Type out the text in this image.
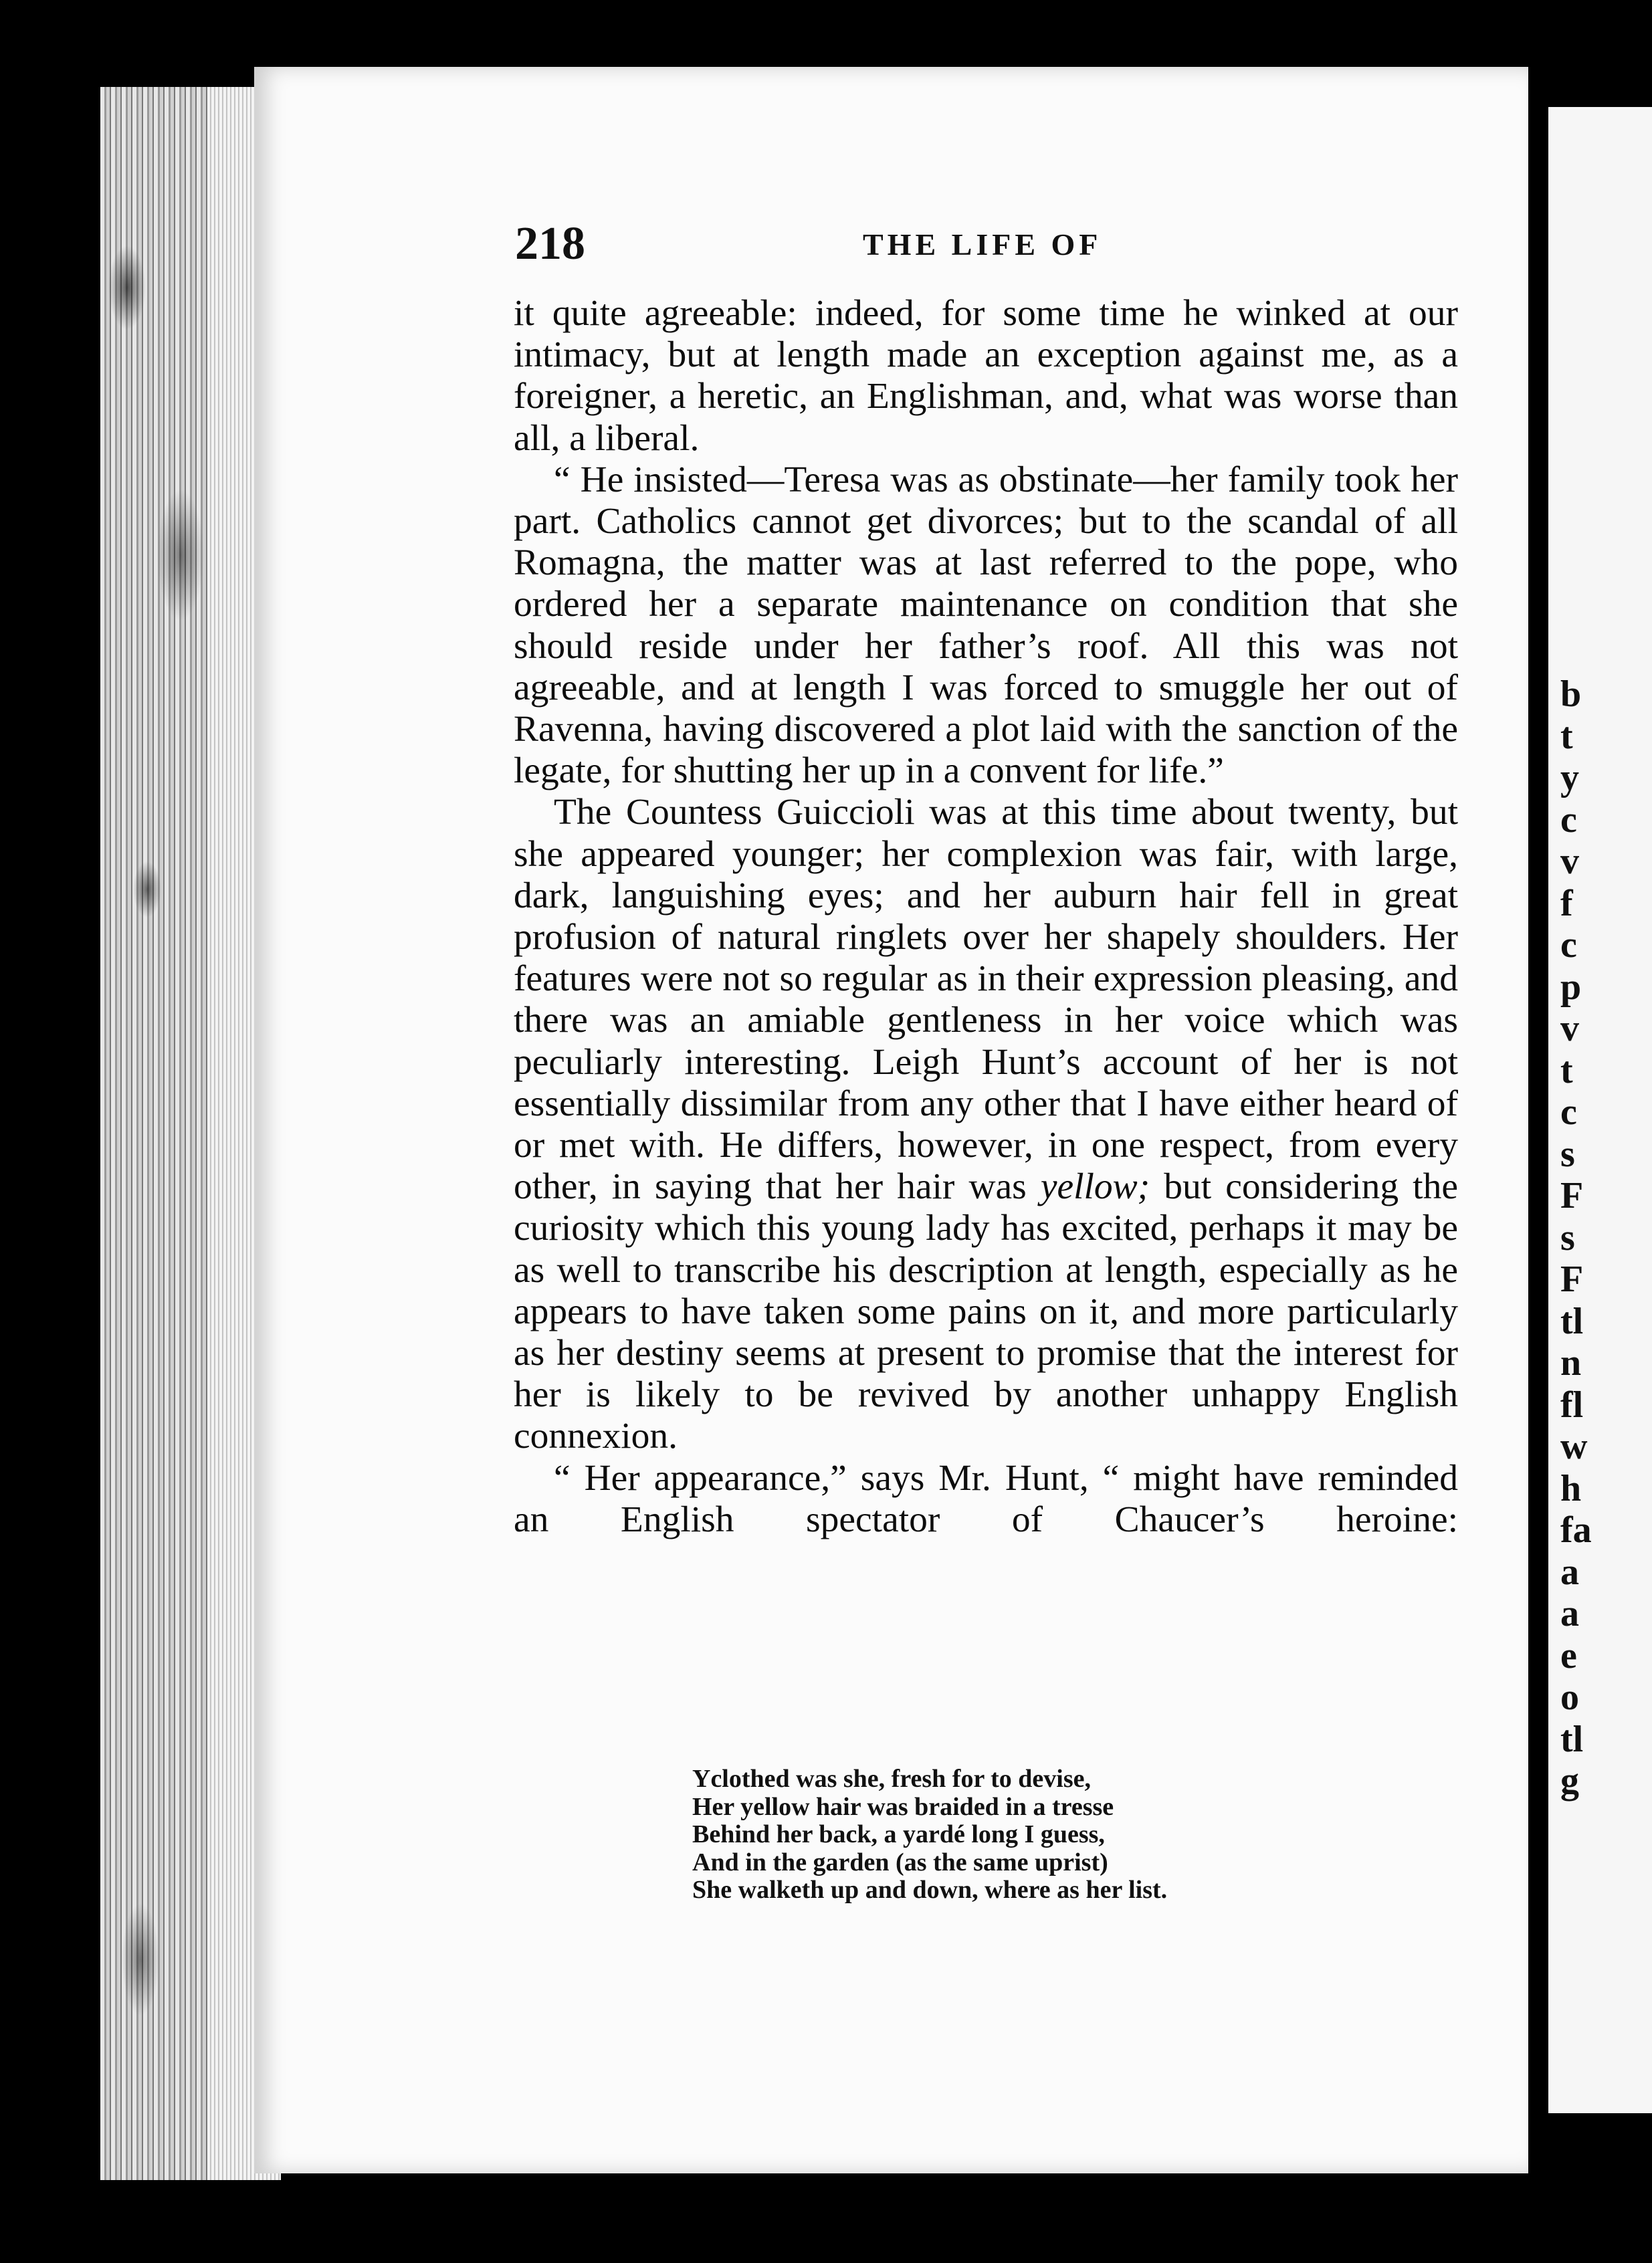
b
t
y
c
v
f
c
p
v
t
c
s
F
s
F
tl
n
fl
w
h
fa
a
a
e
o
tl
g
218	THE LIFE OF

it quite agreeable: indeed, for some time he winked at our intimacy, but at length made an exception against me, as a foreigner, a heretic, an Englishman, and, what was worse than all, a liberal.

“ He insisted—Teresa was as obstinate—her family took her part. Catholics cannot get divorces; but to the scandal of all Romagna, the matter was at last referred to the pope, who ordered her a separate maintenance on condition that she should reside under her father’s roof. All this was not agreeable, and at length I was forced to smuggle her out of Ravenna, having discovered a plot laid with the sanction of the legate, for shutting her up in a convent for life.”

The Countess Guiccioli was at this time about twenty, but she appeared younger; her complexion was fair, with large, dark, languishing eyes; and her auburn hair fell in great profusion of natural ringlets over her shapely shoulders. Her features were not so regular as in their expression pleasing, and there was an amiable gentleness in her voice which was peculiarly interesting. Leigh Hunt’s account of her is not essentially dissimilar from any other that I have either heard of or met with. He differs, however, in one respect, from every other, in saying that her hair was yellow; but considering the curiosity which this young lady has excited, perhaps it may be as well to transcribe his description at length, especially as he appears to have taken some pains on it, and more particularly as her destiny seems at present to promise that the interest for her is likely to be revived by another unhappy English connexion.

“ Her appearance,” says Mr. Hunt, “ might have reminded an English spectator of Chaucer’s heroine:

Yclothed was she, fresh for to devise,
Her yellow hair was braided in a tresse
Behind her back, a yardé long I guess,
And in the garden (as the same uprist)
She walketh up and down, where as her list.
